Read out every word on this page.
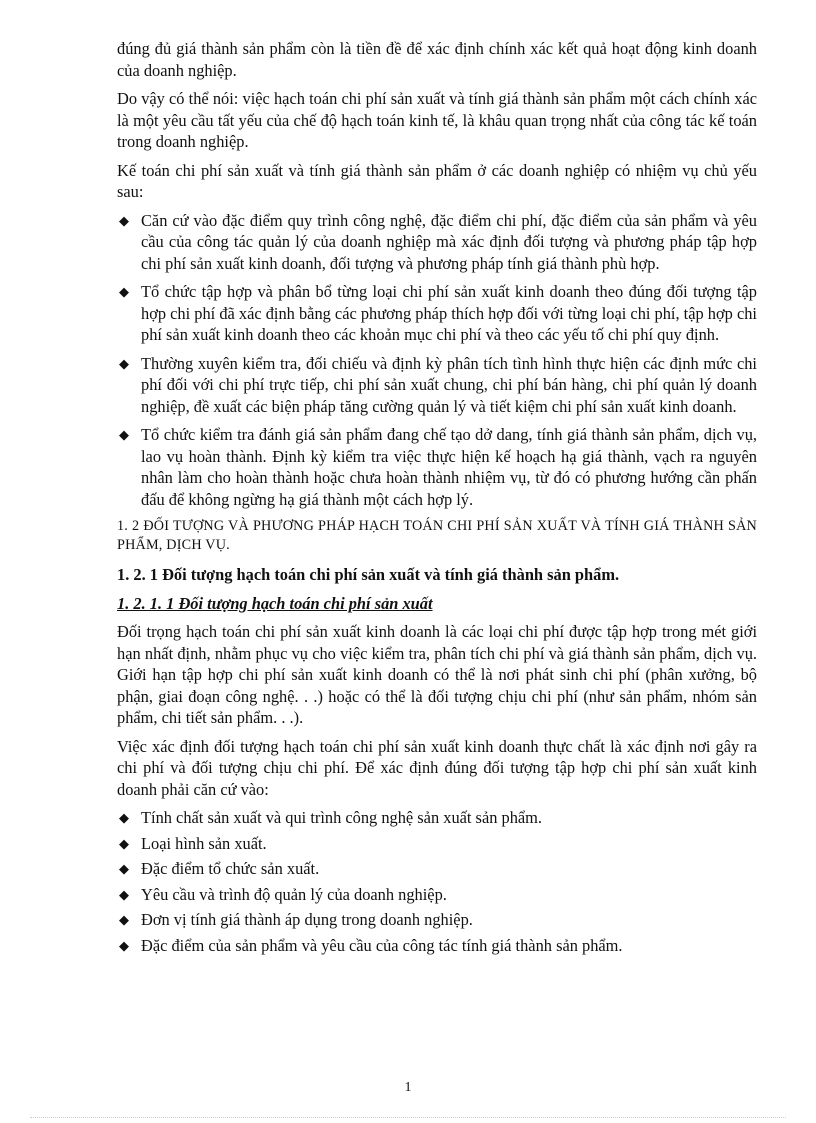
đúng đủ giá thành sản phẩm còn là tiền đề để xác định chính xác kết quả hoạt động kinh doanh của doanh nghiệp.

Do vậy có thể nói: việc hạch toán chi phí sản xuất và tính giá thành sản phẩm một cách chính xác là một yêu cầu tất yếu của chế độ hạch toán kinh tế, là khâu quan trọng nhất của công tác kế toán trong doanh nghiệp.

Kế toán chi phí sản xuất và tính giá thành sản phẩm ở các doanh nghiệp có nhiệm vụ chủ yếu sau:

◆ Căn cứ vào đặc điểm quy trình công nghệ, đặc điểm chi phí, đặc điểm của sản phẩm và yêu cầu của công tác quản lý của doanh nghiệp mà xác định đối tượng và phương pháp tập hợp chi phí sản xuất kinh doanh, đối tượng và phương pháp tính giá thành phù hợp.
◆ Tổ chức tập hợp và phân bổ từng loại chi phí sản xuất kinh doanh theo đúng đối tượng tập hợp chi phí đã xác định bằng các phương pháp thích hợp đối với từng loại chi phí, tập hợp chi phí sản xuất kinh doanh theo các khoản mục chi phí và theo các yếu tố chi phí quy định.
◆ Thường xuyên kiểm tra, đối chiếu và định kỳ phân tích tình hình thực hiện các định mức chi phí đối với chi phí trực tiếp, chi phí sản xuất chung, chi phí bán hàng, chi phí quản lý doanh nghiệp, đề xuất các biện pháp tăng cường quản lý và tiết kiệm chi phí sản xuất kinh doanh.
◆ Tổ chức kiểm tra đánh giá sản phẩm đang chế tạo dở dang, tính giá thành sản phẩm, dịch vụ, lao vụ hoàn thành. Định kỳ kiểm tra việc thực hiện kế hoạch hạ giá thành, vạch ra nguyên nhân làm cho hoàn thành hoặc chưa hoàn thành nhiệm vụ, từ đó có phương hướng cần phấn đấu để không ngừng hạ giá thành một cách hợp lý.

1. 2 ĐỐI TƯỢNG VÀ PHƯƠNG PHÁP HẠCH TOÁN CHI PHÍ SẢN XUẤT VÀ TÍNH GIÁ THÀNH SẢN PHẨM, DỊCH VỤ.

1. 2. 1 Đối tượng hạch toán chi phí sản xuất và tính giá thành sản phẩm.

1. 2. 1. 1 Đối tượng hạch toán chi phí sản xuất

Đối trọng hạch toán chi phí sản xuất kinh doanh là các loại chi phí được tập hợp trong mét giới hạn nhất định, nhằm phục vụ cho việc kiểm tra, phân tích chi phí và giá thành sản phẩm, dịch vụ. Giới hạn tập hợp chi phí sản xuất kinh doanh có thể là nơi phát sinh chi phí (phân xưởng, bộ phận, giai đoạn công nghệ. . .) hoặc có thể là đối tượng chịu chi phí (như sản phẩm, nhóm sản phẩm, chi tiết sản phẩm. . .).

Việc xác định đối tượng hạch toán chi phí sản xuất kinh doanh thực chất là xác định nơi gây ra chi phí và đối tượng chịu chi phí. Để xác định đúng đối tượng tập hợp chi phí sản xuất kinh doanh phải căn cứ vào:

◆ Tính chất sản xuất và qui trình công nghệ sản xuất sản phẩm.
◆ Loại hình sản xuất.
◆ Đặc điểm tổ chức sản xuất.
◆ Yêu cầu và trình độ quản lý của doanh nghiệp.
◆ Đơn vị tính giá thành áp dụng trong doanh nghiệp.
◆ Đặc điểm của sản phẩm và yêu cầu của công tác tính giá thành sản phẩm.
1
